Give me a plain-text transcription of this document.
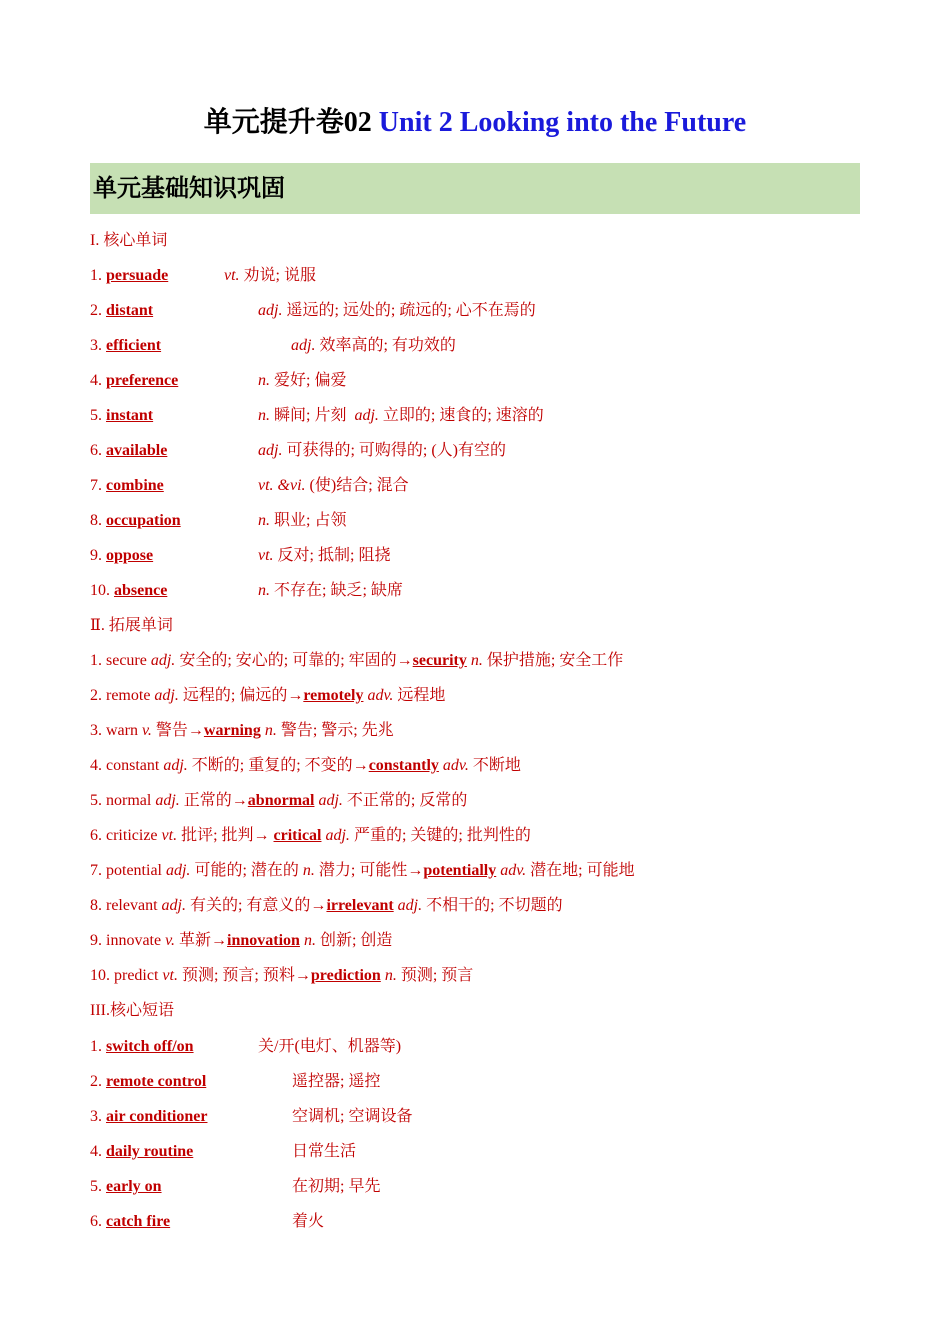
单元提升卷02 Unit 2 Looking into the Future
单元基础知识巩固
I. 核心单词
1. persuade	vt. 劝说; 说服
2. distant	adj. 遥远的; 远处的; 疏远的; 心不在焉的
3. efficient	adj. 效率高的; 有功效的
4. preference	n. 爱好; 偏爱
5. instant	n. 瞬间; 片刻 adj. 立即的; 速食的; 速溶的
6. available	adj. 可获得的; 可购得的; (人)有空的
7. combine	vt. &vi. (使)结合; 混合
8. occupation	n. 职业; 占领
9. oppose	vt. 反对; 抵制; 阻挠
10. absence	n. 不存在; 缺乏; 缺席
Ⅱ. 拓展单词
1. secure adj. 安全的; 安心的; 可靠的; 牢固的→security n. 保护措施; 安全工作
2. remote adj. 远程的; 偏远的→remotely adv. 远程地
3. warn v. 警告→warning n. 警告; 警示; 先兆
4. constant adj. 不断的; 重复的; 不变的→constantly adv. 不断地
5. normal adj. 正常的→abnormal adj. 不正常的; 反常的
6. criticize vt. 批评; 批判→ critical adj. 严重的; 关键的; 批判性的
7. potential adj. 可能的; 潜在的 n. 潜力; 可能性→potentially adv. 潜在地; 可能地
8. relevant adj. 有关的; 有意义的→irrelevant adj. 不相干的; 不切题的
9. innovate v. 革新→innovation n. 创新; 创造
10. predict vt. 预测; 预言; 预料→prediction n. 预测; 预言
III.核心短语
1. switch off/on	关/开(电灯、机器等)
2. remote control	遥控器; 遥控
3. air conditioner	空调机; 空调设备
4. daily routine	日常生活
5. early on	在初期; 早先
6. catch fire	着火
